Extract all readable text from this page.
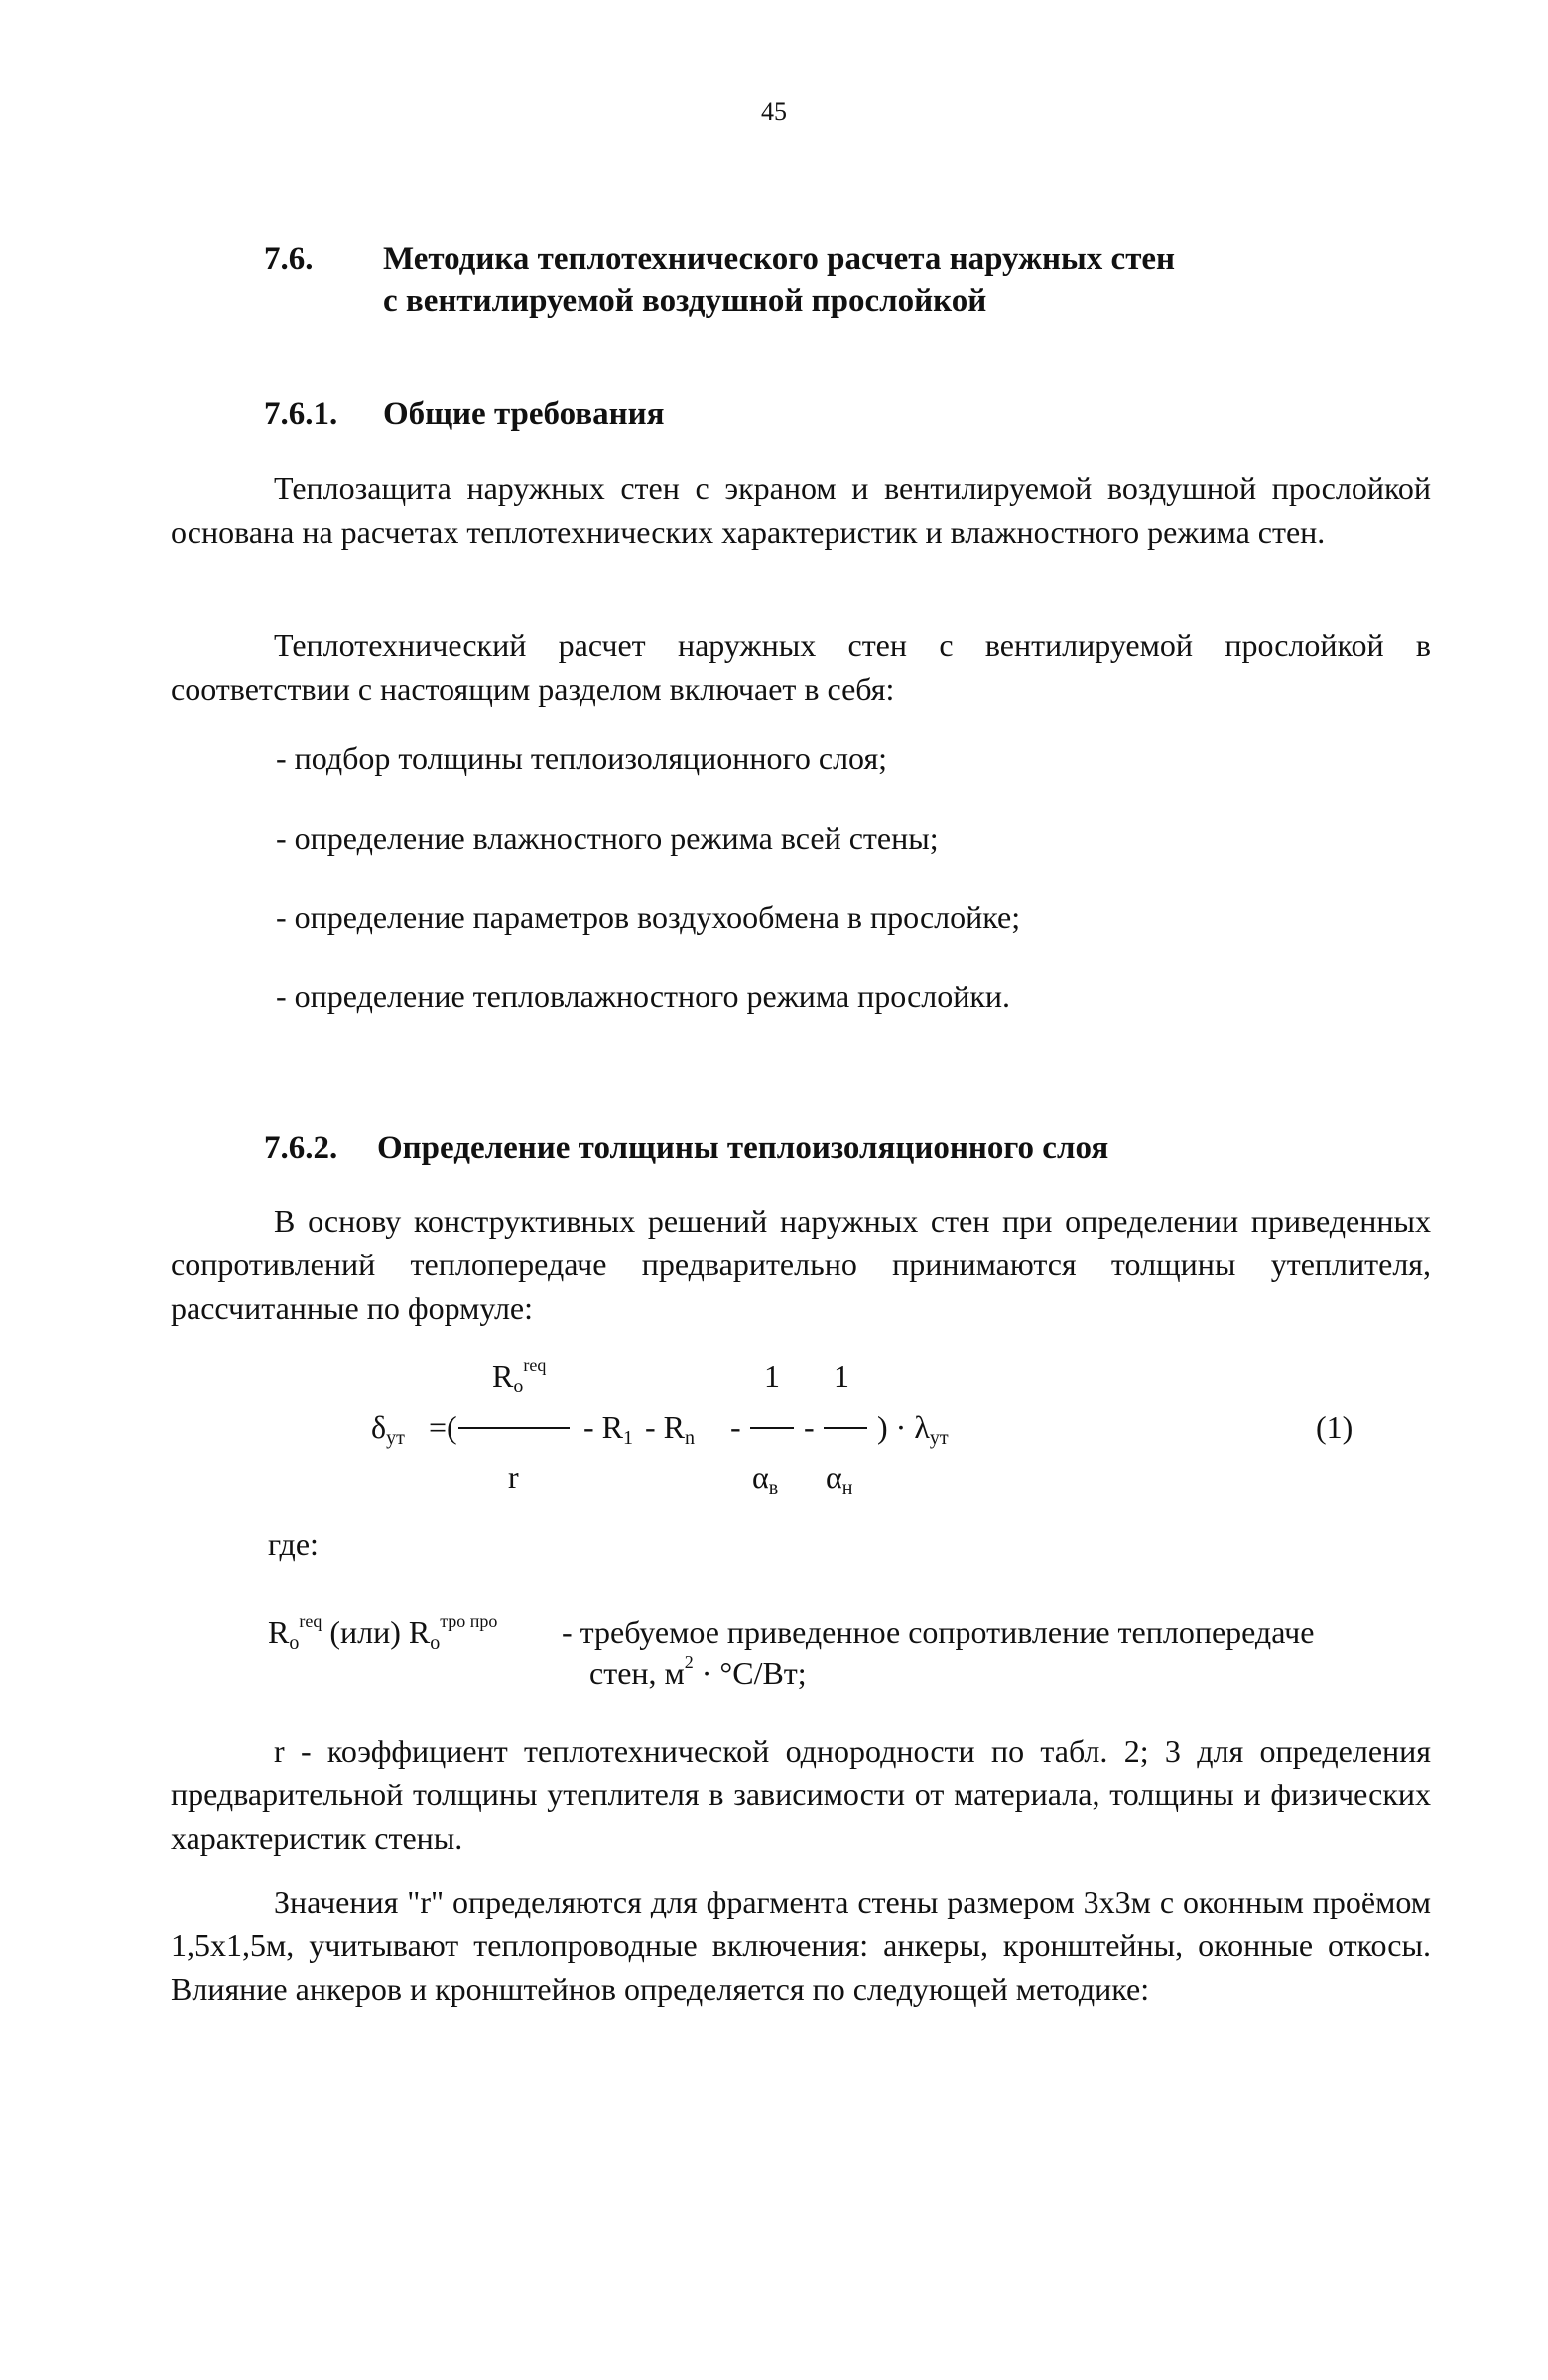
45
7.6. Методика теплотехнического расчета наружных стен
с вентилируемой воздушной прослойкой
7.6.1. Общие требования

Теплозащита наружных стен с экраном и вентилируемой воздушной прослойкой основана на расчетах теплотехнических характеристик и влажностного режима стен.

Теплотехнический расчет наружных стен с вентилируемой прослойкой в соответствии с настоящим разделом включает в себя:

- подбор толщины теплоизоляционного слоя;
- определение влажностного режима всей стены;
- определение параметров воздухообмена в прослойке;
- определение тепловлажностного режима прослойки.
7.6.2. Определение толщины теплоизоляционного слоя

В основу конструктивных решений наружных стен при определении приведенных сопротивлений теплопередаче предварительно принимаются толщины утеплителя, рассчитанные по формуле:

$R_o^{req}$	1 1
$\delta_{ут}$ =(	- $R_1 - R_n$ - - ) · $\lambda_{ут}$	(1)
r	$\alpha_в$ $\alpha_н$
где:
$R_o^{req}$ (или) $R_o^{тро про}$ - требуемое приведенное сопротивление теплопередаче
стен, $м^2 \cdot ^\circ С/Вт$;

r - коэффициент теплотехнической однородности по табл. 2; 3 для определения предварительной толщины утеплителя в зависимости от материала, толщины и физических характеристик стены.

Значения "r" определяются для фрагмента стены размером 3х3м с оконным проёмом 1,5х1,5м, учитывают теплопроводные включения: анкеры, кронштейны, оконные откосы. Влияние анкеров и кронштейнов определяется по следующей методике:
